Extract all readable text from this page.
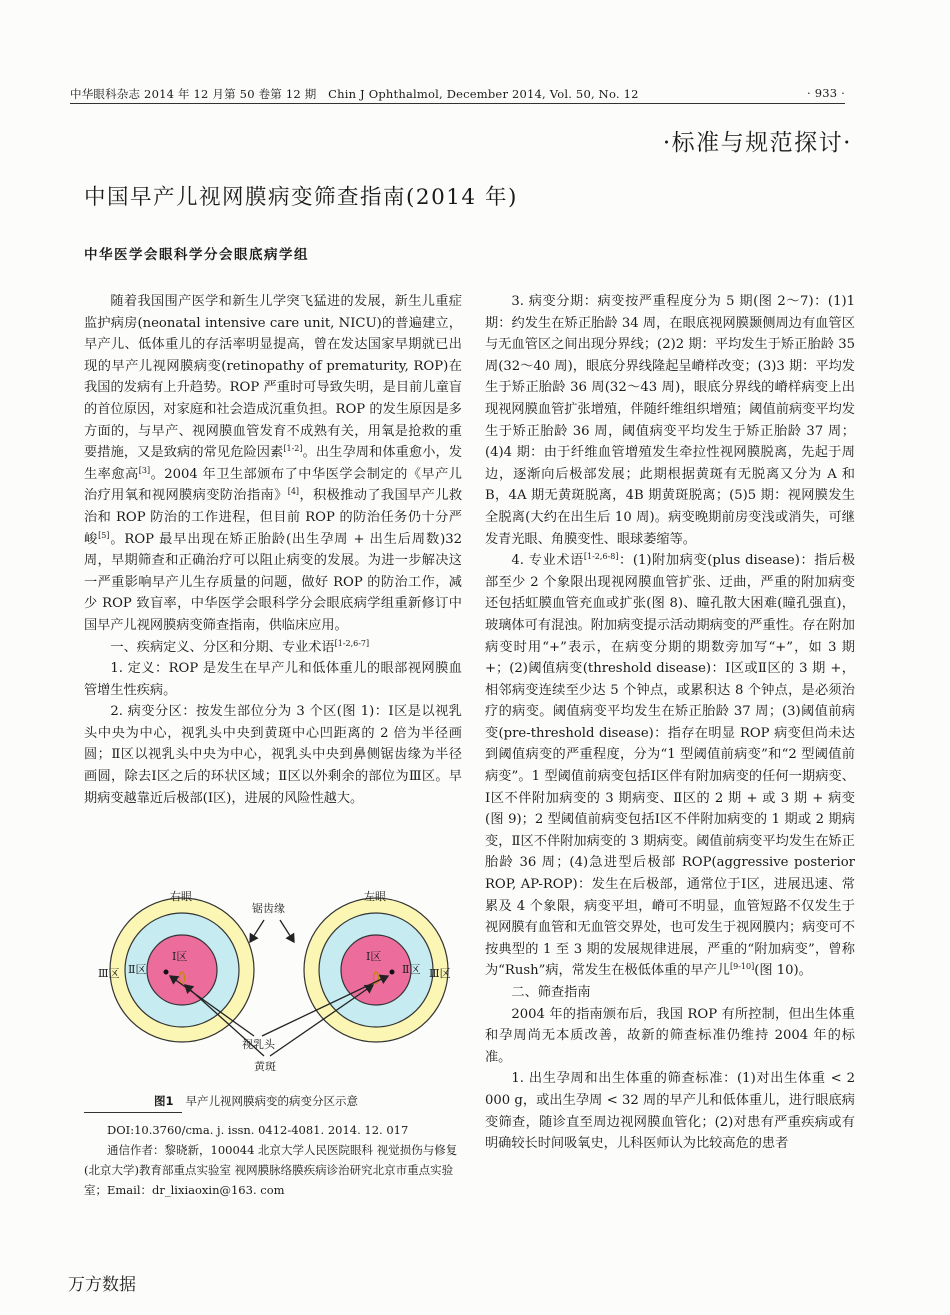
中华眼科杂志 2014 年 12 月第 50 卷第 12 期　Chin J Ophthalmol, December 2014, Vol. 50, No. 12	· 933 ·
·标准与规范探讨·
中国早产儿视网膜病变筛查指南(2014 年)
中华医学会眼科学分会眼底病学组

随着我国围产医学和新生儿学突飞猛进的发展，新生儿重症监护病房(neonatal intensive care unit, NICU)的普遍建立，早产儿、低体重儿的存活率明显提高，曾在发达国家早期就已出现的早产儿视网膜病变(retinopathy of prematurity, ROP)在我国的发病有上升趋势。ROP 严重时可导致失明，是目前儿童盲的首位原因，对家庭和社会造成沉重负担。ROP 的发生原因是多方面的，与早产、视网膜血管发育不成熟有关，用氧是抢救的重要措施，又是致病的常见危险因素[1-2]。出生孕周和体重愈小，发生率愈高[3]。2004 年卫生部颁布了中华医学会制定的《早产儿治疗用氧和视网膜病变防治指南》[4]，积极推动了我国早产儿救治和 ROP 防治的工作进程，但目前 ROP 的防治任务仍十分严峻[5]。ROP 最早出现在矫正胎龄(出生孕周 + 出生后周数)32 周，早期筛查和正确治疗可以阻止病变的发展。为进一步解决这一严重影响早产儿生存质量的问题，做好 ROP 的防治工作，减少 ROP 致盲率，中华医学会眼科学分会眼底病学组重新修订中国早产儿视网膜病变筛查指南，供临床应用。

一、疾病定义、分区和分期、专业术语[1-2,6-7]

1. 定义：ROP 是发生在早产儿和低体重儿的眼部视网膜血管增生性疾病。

2. 病变分区：按发生部位分为 3 个区(图 1)：Ⅰ区是以视乳头中央为中心，视乳头中央到黄斑中心凹距离的 2 倍为半径画圆；Ⅱ区以视乳头中央为中心，视乳头中央到鼻侧锯齿缘为半径画圆，除去Ⅰ区之后的环状区域；Ⅱ区以外剩余的部位为Ⅲ区。早期病变越靠近后极部(Ⅰ区)，进展的风险性越大。

3. 病变分期：病变按严重程度分为 5 期(图 2～7)：(1)1 期：约发生在矫正胎龄 34 周，在眼底视网膜颞侧周边有血管区与无血管区之间出现分界线；(2)2 期：平均发生于矫正胎龄 35 周(32～40 周)，眼底分界线隆起呈嵴样改变；(3)3 期：平均发生于矫正胎龄 36 周(32～43 周)，眼底分界线的嵴样病变上出现视网膜血管扩张增殖，伴随纤维组织增殖；阈值前病变平均发生于矫正胎龄 36 周，阈值病变平均发生于矫正胎龄 37 周；(4)4 期：由于纤维血管增殖发生牵拉性视网膜脱离，先起于周边，逐渐向后极部发展；此期根据黄斑有无脱离又分为 A 和 B，4A 期无黄斑脱离，4B 期黄斑脱离；(5)5 期：视网膜发生全脱离(大约在出生后 10 周)。病变晚期前房变浅或消失，可继发青光眼、角膜变性、眼球萎缩等。

4. 专业术语[1-2,6-8]：(1)附加病变(plus disease)：指后极部至少 2 个象限出现视网膜血管扩张、迂曲，严重的附加病变还包括虹膜血管充血或扩张(图 8)、瞳孔散大困难(瞳孔强直)，玻璃体可有混浊。附加病变提示活动期病变的严重性。存在附加病变时用“+”表示，在病变分期的期数旁加写“+”，如 3 期 +；(2)阈值病变(threshold disease)：Ⅰ区或Ⅱ区的 3 期 +，相邻病变连续至少达 5 个钟点，或累积达 8 个钟点，是必须治疗的病变。阈值病变平均发生在矫正胎龄 37 周；(3)阈值前病变(pre-threshold disease)：指存在明显 ROP 病变但尚未达到阈值病变的严重程度，分为“1 型阈值前病变”和“2 型阈值前病变”。1 型阈值前病变包括Ⅰ区伴有附加病变的任何一期病变、Ⅰ区不伴附加病变的 3 期病变、Ⅱ区的 2 期 + 或 3 期 + 病变(图 9)；2 型阈值前病变包括Ⅰ区不伴附加病变的 1 期或 2 期病变，Ⅱ区不伴附加病变的 3 期病变。阈值前病变平均发生在矫正胎龄 36 周；(4)急进型后极部 ROP(aggressive posterior ROP, AP-ROP)：发生在后极部，通常位于Ⅰ区，进展迅速、常累及 4 个象限，病变平坦，嵴可不明显，血管短路不仅发生于视网膜有血管和无血管交界处，也可发生于视网膜内；病变可不按典型的 1 至 3 期的发展规律进展，严重的“附加病变”，曾称为“Rush”病，常发生在极低体重的早产儿[9-10](图 10)。

二、筛查指南

2004 年的指南颁布后，我国 ROP 有所控制，但出生体重和孕周尚无本质改善，故新的筛查标准仍维持 2004 年的标准。

1. 出生孕周和出生体重的筛查标准：(1)对出生体重 < 2 000 g，或出生孕周 < 32 周的早产儿和低体重儿，进行眼底病变筛查，随诊直至周边视网膜血管化；(2)对患有严重疾病或有明确较长时间吸氧史，儿科医师认为比较高危的患者

右眼
Ⅰ区
Ⅱ区
Ⅲ区
左眼
Ⅰ区
Ⅱ区 Ⅲ区
锯齿缘
视乳头
黄斑
图1 早产儿视网膜病变的病变分区示意

DOI:10.3760/cma. j. issn. 0412-4081. 2014. 12. 017

通信作者：黎晓新，100044 北京大学人民医院眼科 视觉损伤与修复(北京大学)教育部重点实验室 视网膜脉络膜疾病诊治研究北京市重点实验室；Email：dr_lixiaoxin@163. com

万方数据
